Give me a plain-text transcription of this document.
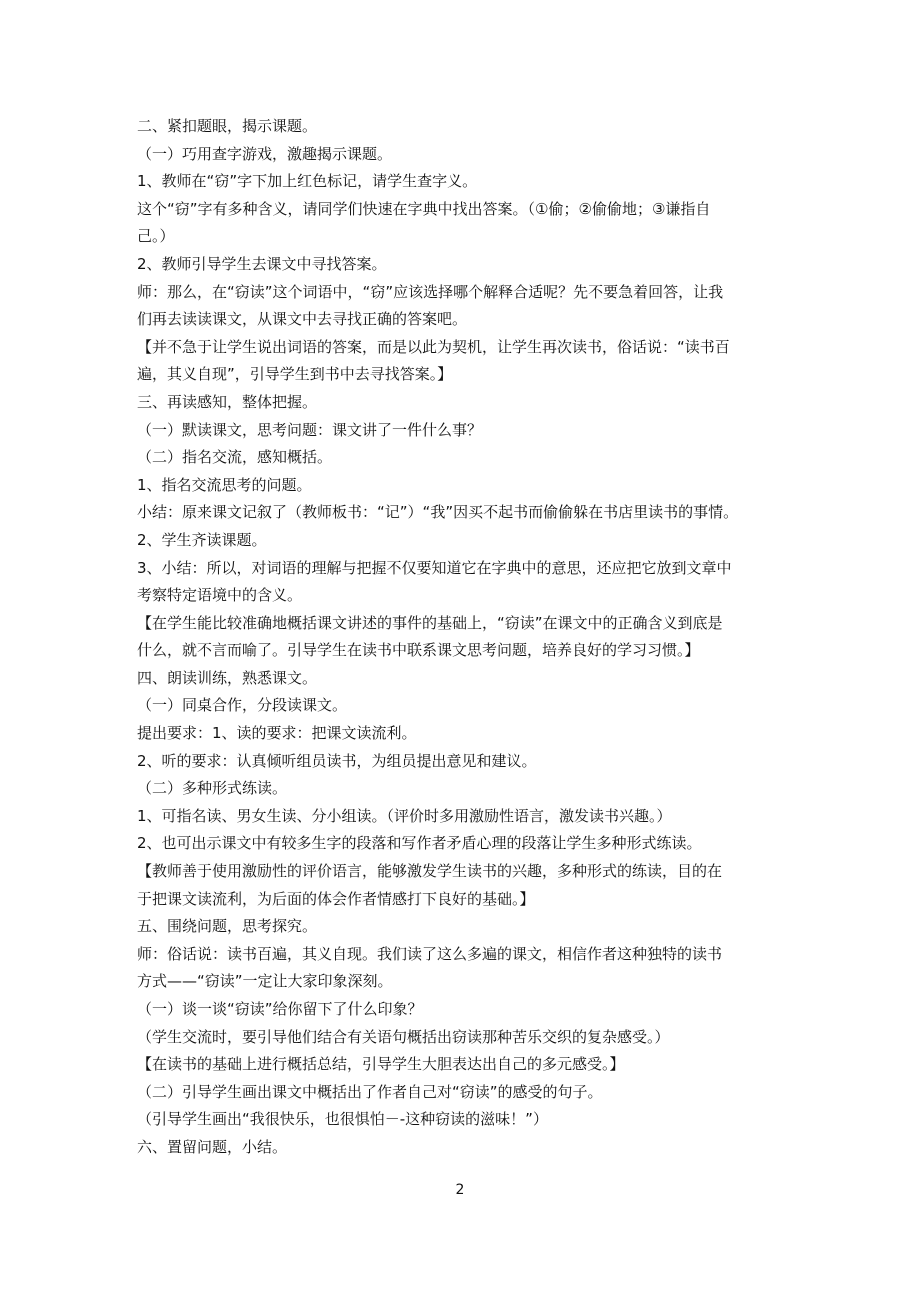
二、紧扣题眼，揭示课题。
（一）巧用查字游戏，激趣揭示课题。
1、教师在“窃”字下加上红色标记，请学生查字义。
这个“窃”字有多种含义，请同学们快速在字典中找出答案。（①偷；②偷偷地；③谦指自
己。）
2、教师引导学生去课文中寻找答案。
师：那么，在“窃读”这个词语中，“窃”应该选择哪个解释合适呢？先不要急着回答，让我
们再去读读课文，从课文中去寻找正确的答案吧。
【并不急于让学生说出词语的答案，而是以此为契机，让学生再次读书，俗话说：“读书百
遍，其义自现”，引导学生到书中去寻找答案。】
三、再读感知，整体把握。
（一）默读课文，思考问题：课文讲了一件什么事？
（二）指名交流，感知概括。
1、指名交流思考的问题。
小结：原来课文记叙了（教师板书：“记”）“我”因买不起书而偷偷躲在书店里读书的事情。
2、学生齐读课题。
3、小结：所以，对词语的理解与把握不仅要知道它在字典中的意思，还应把它放到文章中
考察特定语境中的含义。
【在学生能比较准确地概括课文讲述的事件的基础上，“窃读”在课文中的正确含义到底是
什么，就不言而喻了。引导学生在读书中联系课文思考问题，培养良好的学习习惯。】
四、朗读训练，熟悉课文。
（一）同桌合作，分段读课文。
提出要求：1、读的要求：把课文读流利。
2、听的要求：认真倾听组员读书，为组员提出意见和建议。
（二）多种形式练读。
1、可指名读、男女生读、分小组读。（评价时多用激励性语言，激发读书兴趣。）
2、也可出示课文中有较多生字的段落和写作者矛盾心理的段落让学生多种形式练读。
【教师善于使用激励性的评价语言，能够激发学生读书的兴趣，多种形式的练读，目的在
于把课文读流利，为后面的体会作者情感打下良好的基础。】
五、围绕问题，思考探究。
师：俗话说：读书百遍，其义自现。我们读了这么多遍的课文，相信作者这种独特的读书
方式——“窃读”一定让大家印象深刻。
（一）谈一谈“窃读”给你留下了什么印象？
（学生交流时，要引导他们结合有关语句概括出窃读那种苦乐交织的复杂感受。）
【在读书的基础上进行概括总结，引导学生大胆表达出自己的多元感受。】
（二）引导学生画出课文中概括出了作者自己对“窃读”的感受的句子。
（引导学生画出“我很快乐，也很惧怕－-这种窃读的滋味！”）
六、置留问题，小结。
2
